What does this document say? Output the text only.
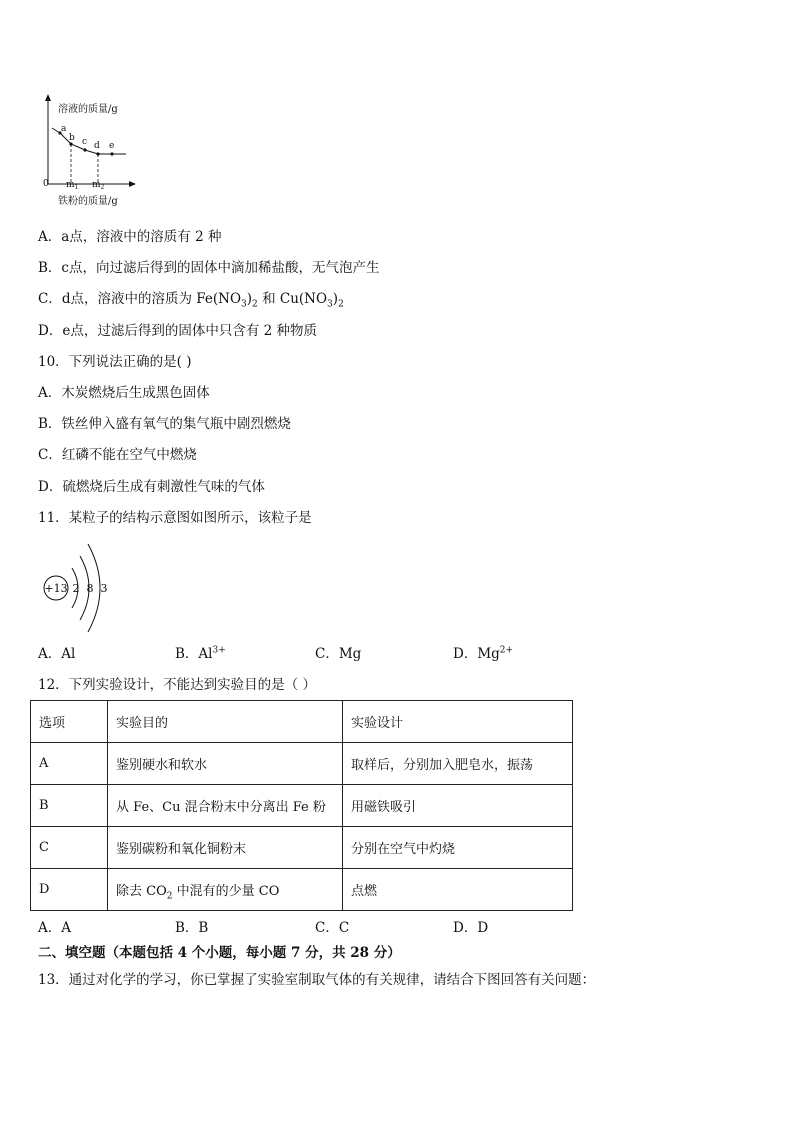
溶液的质量/g
a
b c d e
0 $m_1$ $m_2$
铁粉的质量/g
A．a点，溶液中的溶质有 2 种
B．c点，向过滤后得到的固体中滴加稀盐酸，无气泡产生
C．d点，溶液中的溶质为 $Fe(NO_3)_2$ 和 $Cu(NO_3)_2$
D．e点，过滤后得到的固体中只含有 2 种物质
10．下列说法正确的是( )
A．木炭燃烧后生成黑色固体
B．铁丝伸入盛有氧气的集气瓶中剧烈燃烧
C．红磷不能在空气中燃烧
D．硫燃烧后生成有刺激性气味的气体
11．某粒子的结构示意图如图所示，该粒子是
+13 2 8 3
A．Al	B．$Al^{3+}$	C．Mg	D．$Mg^{2+}$
12．下列实验设计，不能达到实验目的是（ ）
选项	实验目的	实验设计
A	鉴别硬水和软水	取样后，分别加入肥皂水，振荡
B	从 Fe、Cu 混合粉末中分离出 Fe 粉	用磁铁吸引
C	鉴别碳粉和氧化铜粉末	分别在空气中灼烧
D	除去 $CO_2$ 中混有的少量 CO	点燃
A．A	B．B	C．C	D．D
二、填空题（本题包括 4 个小题，每小题 7 分，共 28 分）
13．通过对化学的学习，你已掌握了实验室制取气体的有关规律，请结合下图回答有关问题：
